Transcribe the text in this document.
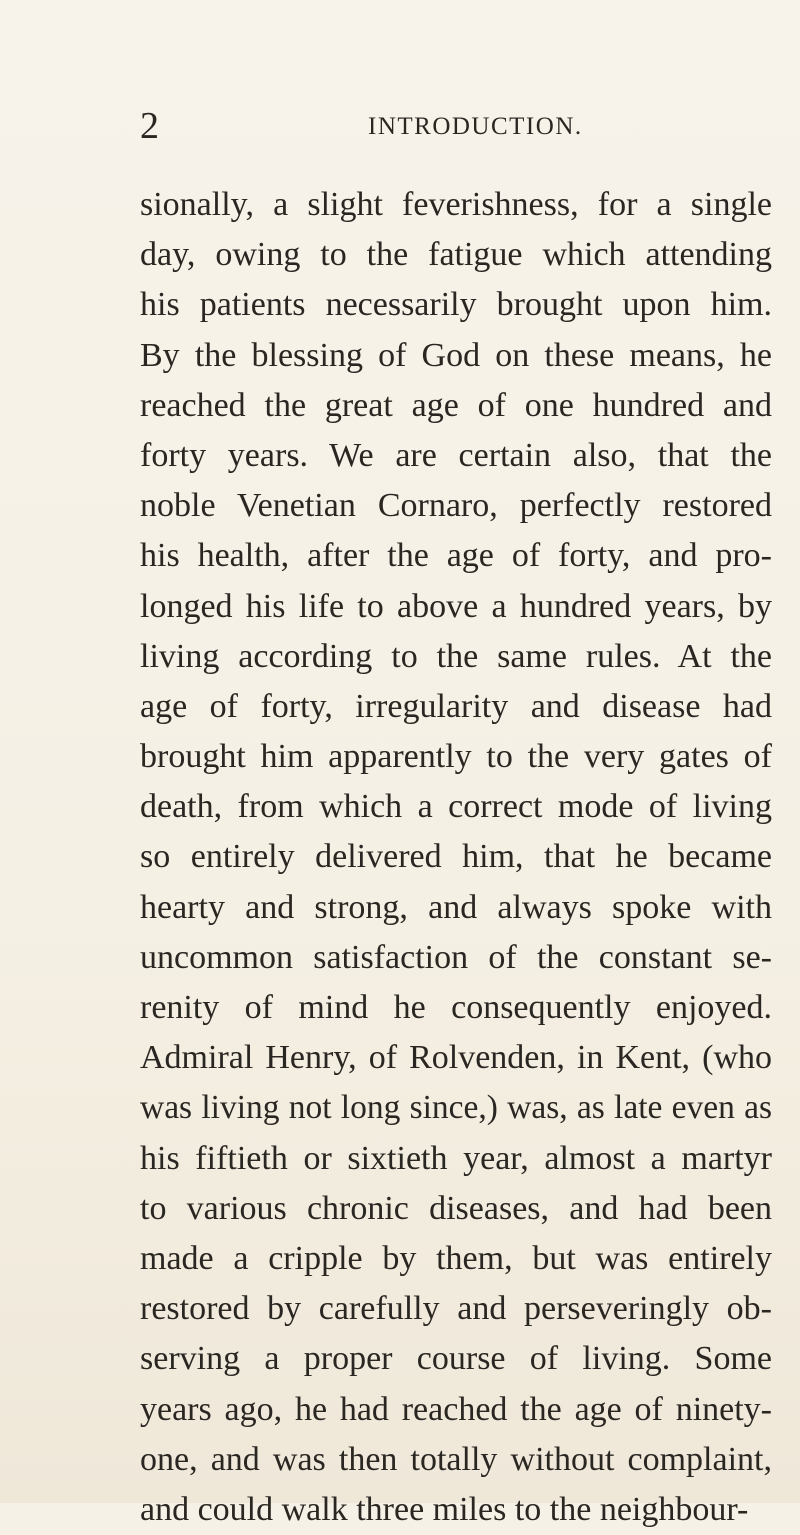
2	INTRODUCTION.
sionally, a slight feverishness, for a single
day, owing to the fatigue which attending
his patients necessarily brought upon him.
By the blessing of God on these means, he
reached the great age of one hundred and
forty years. We are certain also, that the
noble Venetian Cornaro, perfectly restored
his health, after the age of forty, and pro-
longed his life to above a hundred years, by
living according to the same rules. At the
age of forty, irregularity and disease had
brought him apparently to the very gates of
death, from which a correct mode of living
so entirely delivered him, that he became
hearty and strong, and always spoke with
uncommon satisfaction of the constant se-
renity of mind he consequently enjoyed.
Admiral Henry, of Rolvenden, in Kent, (who
was living not long since,) was, as late even as
his fiftieth or sixtieth year, almost a martyr
to various chronic diseases, and had been
made a cripple by them, but was entirely
restored by carefully and perseveringly ob-
serving a proper course of living. Some
years ago, he had reached the age of ninety-
one, and was then totally without complaint,
and could walk three miles to the neighbour-
